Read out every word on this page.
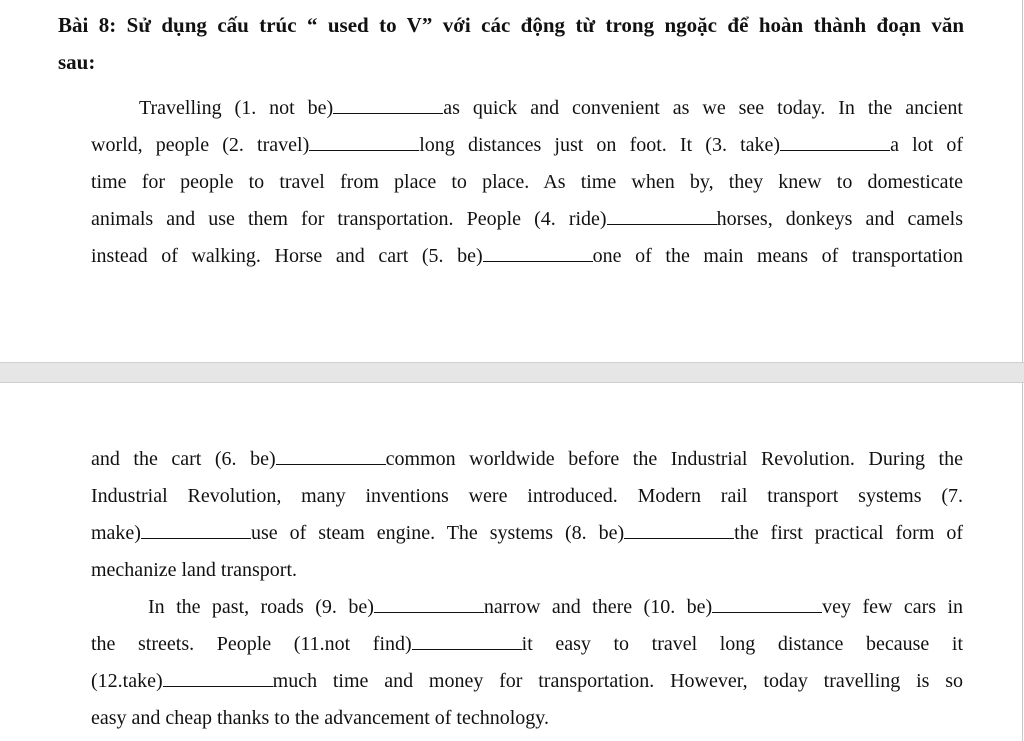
Bài 8: Sử dụng cấu trúc “ used to V” với các động từ trong ngoặc để hoàn thành đoạn văn
sau:
Travelling (1. not be)	as quick and convenient as we see today. In the ancient
world, people (2. travel)	long distances just on foot. It (3. take)	a lot of
time for people to travel from place to place. As time when by, they knew to domesticate
animals and use them for transportation. People (4. ride)	horses, donkeys and camels
instead of walking. Horse and cart (5. be)	one of the main means of transportation
and the cart (6. be)	common worldwide before the Industrial Revolution. During the
Industrial Revolution, many inventions were introduced. Modern rail transport systems (7.
make)	use of steam engine. The systems (8. be)	the first practical form of
mechanize land transport.
In the past, roads (9. be)	narrow and there (10. be)	vey few cars in
the streets. People (11.not find)	it easy to travel long distance because it
(12.take)	much time and money for transportation. However, today travelling is so
easy and cheap thanks to the advancement of technology.
